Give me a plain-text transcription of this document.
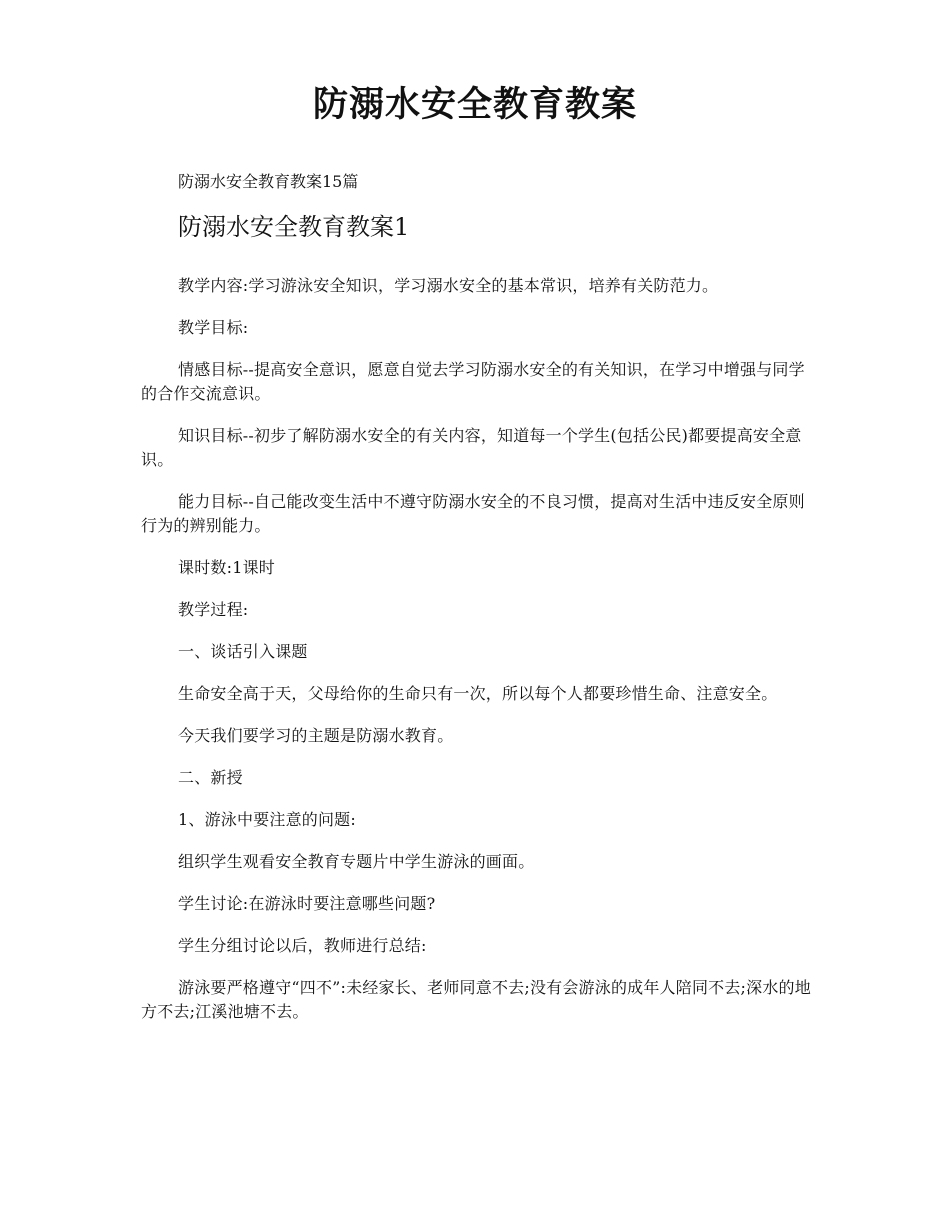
防溺水安全教育教案

防溺水安全教育教案15篇

防溺水安全教育教案1

教学内容:学习游泳安全知识，学习溺水安全的基本常识，培养有关防范力。

教学目标:

情感目标--提高安全意识，愿意自觉去学习防溺水安全的有关知识，在学习中增强与同学的合作交流意识。

知识目标--初步了解防溺水安全的有关内容，知道每一个学生(包括公民)都要提高安全意识。

能力目标--自己能改变生活中不遵守防溺水安全的不良习惯，提高对生活中违反安全原则行为的辨别能力。

课时数:1课时

教学过程:

一、谈话引入课题

生命安全高于天，父母给你的生命只有一次，所以每个人都要珍惜生命、注意安全。

今天我们要学习的主题是防溺水教育。

二、新授

1、游泳中要注意的问题:

组织学生观看安全教育专题片中学生游泳的画面。

学生讨论:在游泳时要注意哪些问题?

学生分组讨论以后，教师进行总结:

游泳要严格遵守“四不”:未经家长、老师同意不去;没有会游泳的成年人陪同不去;深水的地方不去;江溪池塘不去。
